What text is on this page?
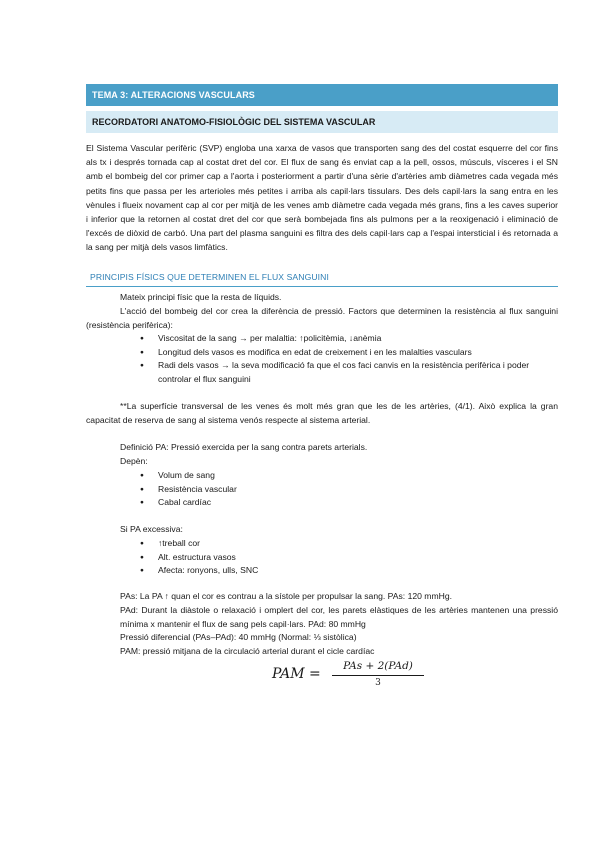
TEMA 3: ALTERACIONS VASCULARS
RECORDATORI ANATOMO-FISIOLÒGIC DEL SISTEMA VASCULAR

El Sistema Vascular perifèric (SVP) engloba una xarxa de vasos que transporten sang des del costat esquerre del cor fins als tx i després tornada cap al costat dret del cor. El flux de sang és enviat cap a la pell, ossos, músculs, vísceres i el SN amb el bombeig del cor primer cap a l'aorta i posteriorment a partir d'una sèrie d'artèries amb diàmetres cada vegada més petits fins que passa per les arterioles més petites i arriba als capil·lars tissulars. Des dels capil·lars la sang entra en les vènules i flueix novament cap al cor per mitjà de les venes amb diàmetre cada vegada més grans, fins a les caves superior i inferior que la retornen al costat dret del cor que serà bombejada fins als pulmons per a la reoxigenació i eliminació de l'excés de diòxid de carbó. Una part del plasma sanguini es filtra des dels capil·lars cap a l'espai intersticial i és retornada a la sang per mitjà dels vasos limfàtics.

PRINCIPIS FÍSICS QUE DETERMINEN EL FLUX SANGUINI

Mateix principi físic que la resta de líquids.

L'acció del bombeig del cor crea la diferència de pressió. Factors que determinen la resistència al flux sanguini (resistència perifèrica):

● Viscositat de la sang → per malaltia: ↑policitèmia, ↓anèmia
● Longitud dels vasos es modifica en edat de creixement i en les malalties vasculars
● Radi dels vasos → la seva modificació fa que el cos faci canvis en la resistència perifèrica i poder controlar el flux sanguini

**La superfície transversal de les venes és molt més gran que les de les artèries, (4/1). Això explica la gran capacitat de reserva de sang al sistema venós respecte al sistema arterial.

Definició PA: Pressió exercida per la sang contra parets arterials.

Depèn:

● Volum de sang
● Resistència vascular
● Cabal cardíac

Si PA excessiva:

● ↑treball cor
● Alt. estructura vasos
● Afecta: ronyons, ulls, SNC

PAs: La PA ↑ quan el cor es contrau a la sístole per propulsar la sang. PAs: 120 mmHg.

PAd: Durant la diàstole o relaxació i omplert del cor, les parets elàstiques de les artèries mantenen una pressió mínima x mantenir el flux de sang pels capil·lars. PAd: 80 mmHg

Pressió diferencial (PAs–PAd): 40 mmHg (Normal: ⅓ sistòlica)

PAM: pressió mitjana de la circulació arterial durant el cicle cardíac

PAM =	PAs + 2(PAd)
3
